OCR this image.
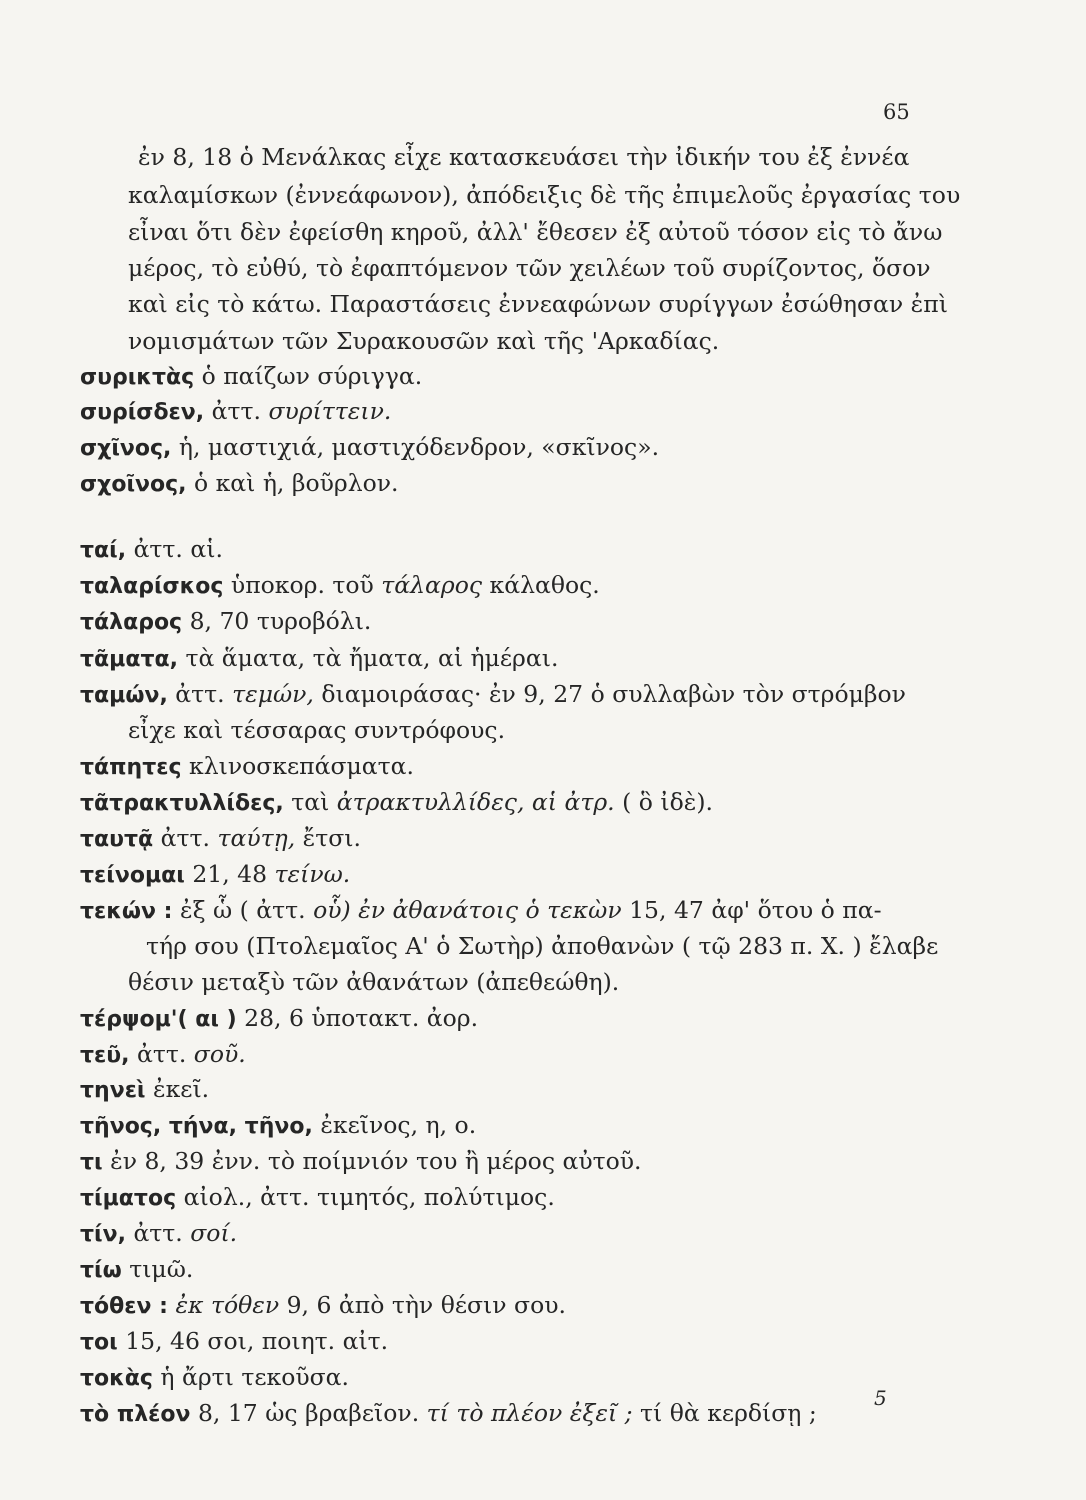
65
ἐν 8, 18 ὁ Μενάλκας εἶχε κατασκευάσει τὴν ἰδικήν του ἐξ ἐννέα
καλαμίσκων (ἐννεάφωνον), ἀπόδειξις δὲ τῆς ἐπιμελοῦς ἐργασίας του
εἶναι ὅτι δὲν ἐφείσθη κηροῦ, ἀλλ' ἔθεσεν ἐξ αὐτοῦ τόσον εἰς τὸ ἄνω
μέρος, τὸ εὐθύ, τὸ ἐφαπτόμενον τῶν χειλέων τοῦ συρίζοντος, ὅσον
καὶ εἰς τὸ κάτω. Παραστάσεις ἐννεαφώνων συρίγγων ἐσώθησαν ἐπὶ
νομισμάτων τῶν Συρακουσῶν καὶ τῆς 'Αρκαδίας.
συρικτὰς ὁ παίζων σύριγγα.
συρίσδεν, ἀττ. συρίττειν.
σχῖνος, ἡ, μαστιχιά, μαστιχόδενδρον, «σκῖνος».
σχοῖνος, ὁ καὶ ἡ, βοῦρλον.
ταί, ἀττ. αἱ.
ταλαρίσκος ὑποκορ. τοῦ τάλαρος κάλαθος.
τάλαρος 8, 70 τυροβόλι.
τᾶματα, τὰ ἅματα, τὰ ἤματα, αἱ ἡμέραι.
ταμών, ἀττ. τεμών, διαμοιράσας· ἐν 9, 27 ὁ συλλαβὼν τὸν στρόμβον
εἶχε καὶ τέσσαρας συντρόφους.
τάπητες κλινοσκεπάσματα.
τᾶτρακτυλλίδες, ταὶ ἀτρακτυλλίδες, αἱ ἀτρ. ( ὃ ἰδὲ).
ταυτᾷ ἀττ. ταύτῃ, ἔτσι.
τείνομαι 21, 48 τείνω.
τεκών : ἐξ ὧ ( ἀττ. οὗ) ἐν ἀθανάτοις ὁ τεκὼν 15, 47 ἀφ' ὅτου ὁ πα-
τήρ σου (Πτολεμαῖος Α' ὁ Σωτὴρ) ἀποθανὼν ( τῷ 283 π. Χ. ) ἔλαβε
θέσιν μεταξὺ τῶν ἀθανάτων (ἀπεθεώθη).
τέρψομ'( αι ) 28, 6 ὑποτακτ. ἀορ.
τεῦ, ἀττ. σοῦ.
τηνεὶ ἐκεῖ.
τῆνος, τήνα, τῆνο, ἐκεῖνος, η, ο.
τι ἐν 8, 39 ἐνν. τὸ ποίμνιόν του ἢ μέρος αὐτοῦ.
τίματος αἰολ., ἀττ. τιμητός, πολύτιμος.
τίν, ἀττ. σοί.
τίω τιμῶ.
τόθεν : ἐκ τόθεν 9, 6 ἀπὸ τὴν θέσιν σου.
τοι 15, 46 σοι, ποιητ. αἰτ.
τοκὰς ἡ ἄρτι τεκοῦσα.
τὸ πλέον 8, 17 ὡς βραβεῖον. τί τὸ πλέον ἐξεῖ ; τί θὰ κερδίσῃ ;
5
